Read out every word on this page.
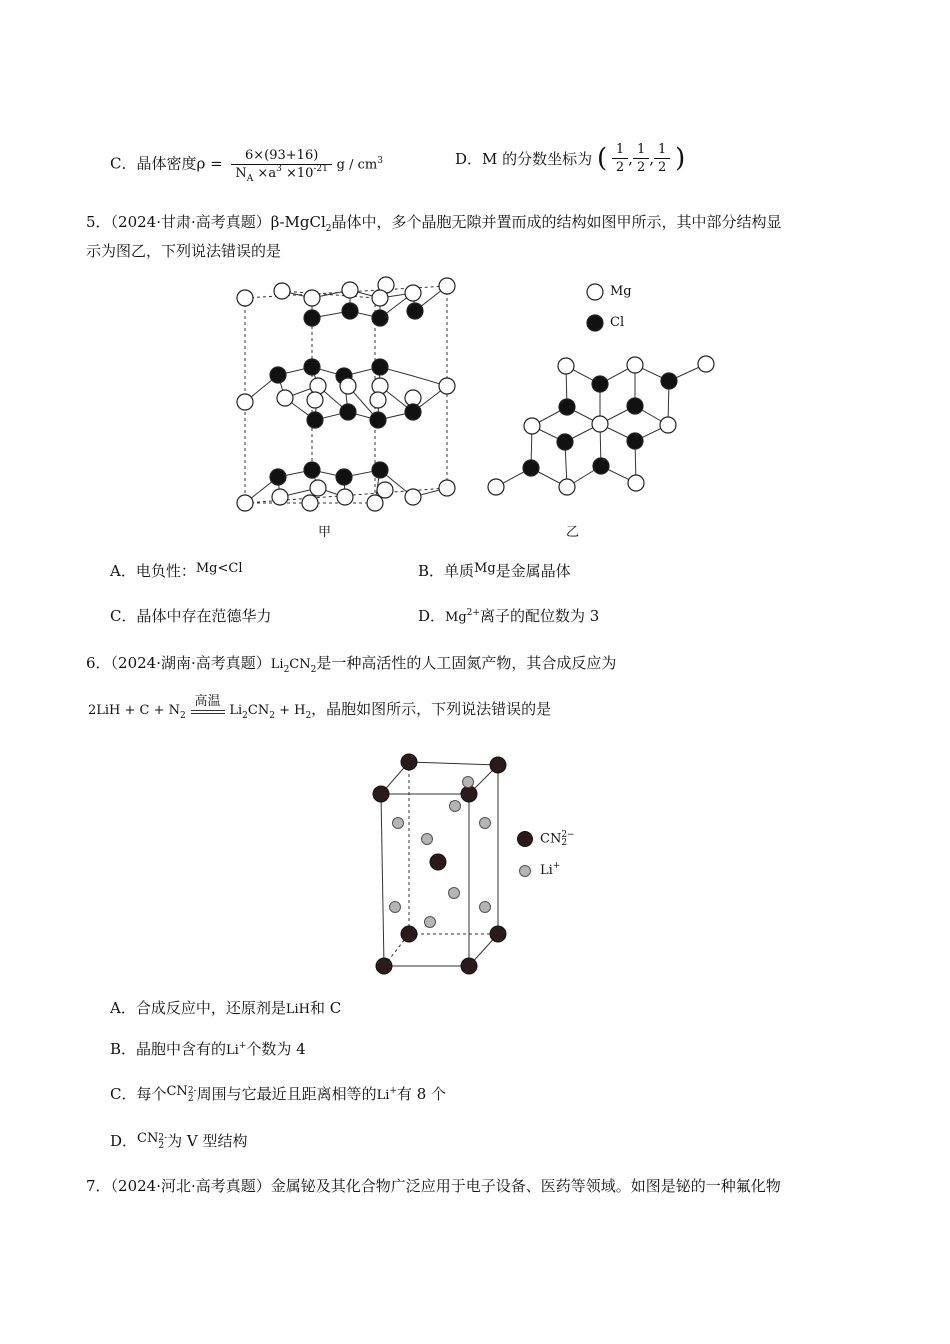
C．晶体密度$\rho = \frac{6\times(93+16)}{N_A \times a^3 \times 10^{-21}}$ g / $cm^3$	D．M 的分数坐标为 ( $\frac{1}{2}$ , $\frac{1}{2}$ , $\frac{1}{2}$ )
5．（2024·甘肃·高考真题）β-MgCl$_2$晶体中，多个晶胞无隙并置而成的结构如图甲所示，其中部分结构显
示为图乙，下列说法错误的是
甲
Mg
Cl
乙
A．电负性：Mg<Cl	B．单质Mg是金属晶体
C．晶体中存在范德华力	D．$Mg^{2+}$离子的配位数为 3
6．（2024·湖南·高考真题）$Li_2CN_2$是一种高活性的人工固氮产物，其合成反应为
$2LiH + C + N_2$
高温
$Li_2CN_2 + H_2$，晶胞如图所示，下列说法错误的是
CN 2−
2
Li+
A．合成反应中，还原剂是LiH和 C
B．晶胞中含有的Li+个数为 4
C．每个CN 2-
2 周围与它最近且距离相等的Li+有 8 个
D．CN 2-
2 为 V 型结构
7．（2024·河北·高考真题）金属铋及其化合物广泛应用于电子设备、医药等领域。如图是铋的一种氟化物
